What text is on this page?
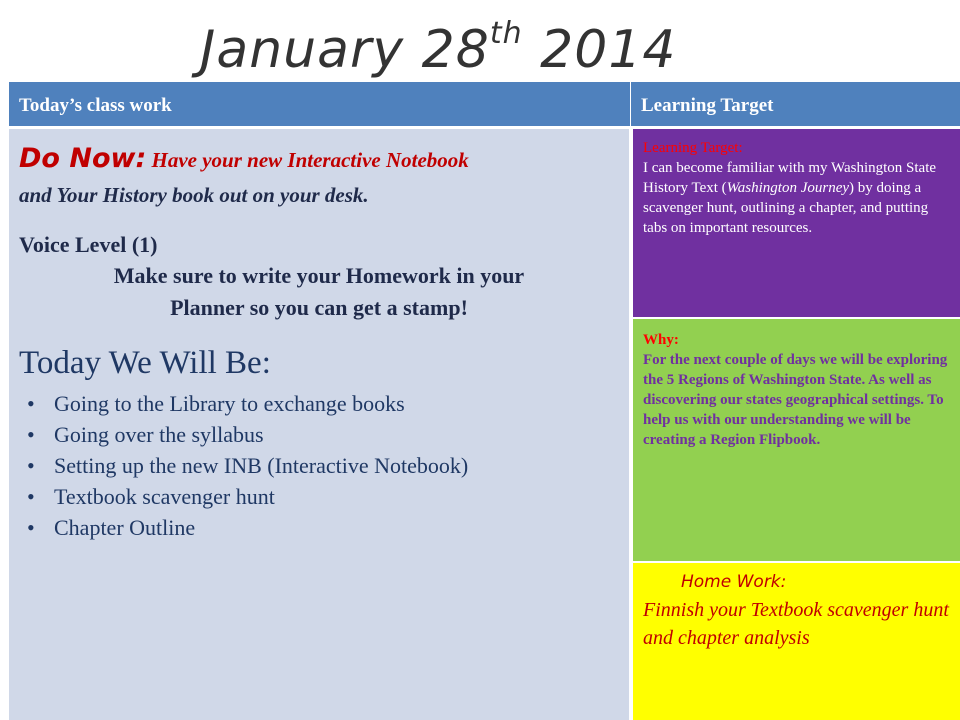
January 28th 2014
Today’s class work	Learning Target
Do Now: Have your new Interactive Notebook
and Your History book out on your desk.
Voice Level (1)
Make sure to write your Homework in your
Planner so you can get a stamp!
Today We Will Be:
• Going to the Library to exchange books
• Going over the syllabus
• Setting up the new INB (Interactive Notebook)
• Textbook scavenger hunt
• Chapter Outline
Learning Target:
I can become familiar with my Washington State History Text (Washington Journey) by doing a scavenger hunt, outlining a chapter, and putting tabs on important resources.
Why:
For the next couple of days we will be exploring the 5 Regions of Washington State. As well as discovering our states geographical settings. To help us with our understanding we will be creating a Region Flipbook.
Home Work:
Finnish your Textbook scavenger hunt and chapter analysis
